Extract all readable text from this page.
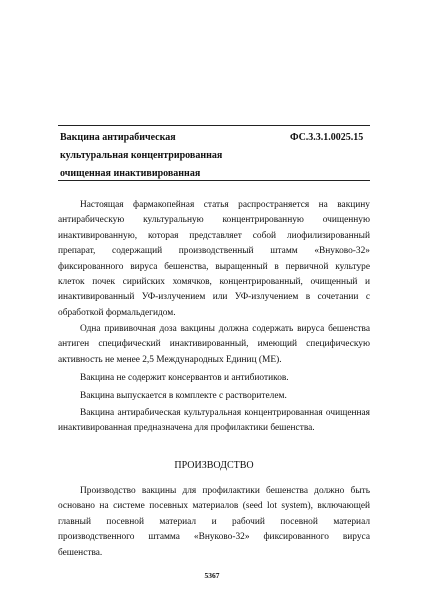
Вакцина антирабическая
культуральная концентрированная
очищенная инактивированная
ФС.3.3.1.0025.15

Настоящая фармакопейная статья распространяется на вакцину антирабическую культуральную концентрированную очищенную инактивированную, которая представляет собой лиофилизированный препарат, содержащий производственный штамм «Внуково-32» фиксированного вируса бешенства, выращенный в первичной культуре клеток почек сирийских хомячков, концентрированный, очищенный и инактивированный УФ-излучением или УФ-излучением в сочетании с обработкой формальдегидом.

Одна прививочная доза вакцины должна содержать вируса бешенства антиген специфический инактивированный, имеющий специфическую активность не менее 2,5 Международных Единиц (МЕ).

Вакцина не содержит консервантов и антибиотиков.

Вакцина выпускается в комплекте с растворителем.

Вакцина антирабическая культуральная концентрированная очищенная инактивированная предназначена для профилактики бешенства.

ПРОИЗВОДСТВО

Производство вакцины для профилактики бешенства должно быть основано на системе посевных материалов (seed lot system), включающей главный посевной материал и рабочий посевной материал производственного штамма «Внуково-32» фиксированного вируса бешенства.

5367
